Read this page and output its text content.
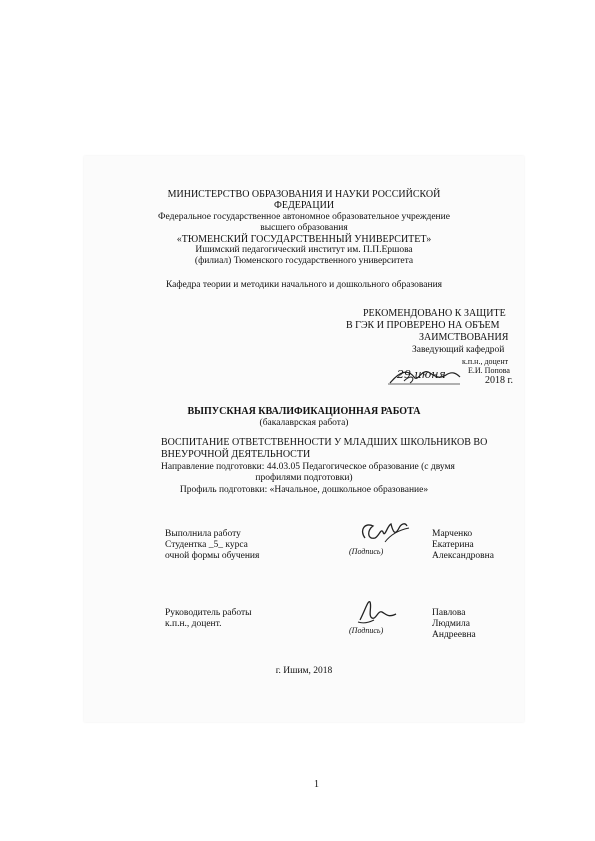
МИНИСТЕРСТВО ОБРАЗОВАНИЯ И НАУКИ РОССИЙСКОЙ
ФЕДЕРАЦИИ
Федеральное государственное автономное образовательное учреждение
высшего образования
«ТЮМЕНСКИЙ ГОСУДАРСТВЕННЫЙ УНИВЕРСИТЕТ»
Ишимский педагогический институт им. П.П.Ершова
(филиал) Тюменского государственного университета
Кафедра теории и методики начального и дошкольного образования
РЕКОМЕНДОВАНО К ЗАЩИТЕ
В ГЭК И ПРОВЕРЕНО НА ОБЪЕМ
ЗАИМСТВОВАНИЯ
Заведующий кафедрой
к.п.н., доцент
Е.И. Попова
29 июня	2018 г.
ВЫПУСКНАЯ КВАЛИФИКАЦИОННАЯ РАБОТА
(бакалаврская работа)
ВОСПИТАНИЕ ОТВЕТСТВЕННОСТИ У МЛАДШИХ ШКОЛЬНИКОВ ВО
ВНЕУРОЧНОЙ ДЕЯТЕЛЬНОСТИ
Направление подготовки: 44.03.05 Педагогическое образование (с двумя
профилями подготовки)
Профиль подготовки: «Начальное, дошкольное образование»
Выполнила работу
Студентка _5_ курса
очной формы обучения	(Подпись)
Марченко
Екатерина
Александровна
Руководитель работы
к.п.н., доцент.
(Подпись)
Павлова
Людмила
Андреевна
г. Ишим, 2018
1
